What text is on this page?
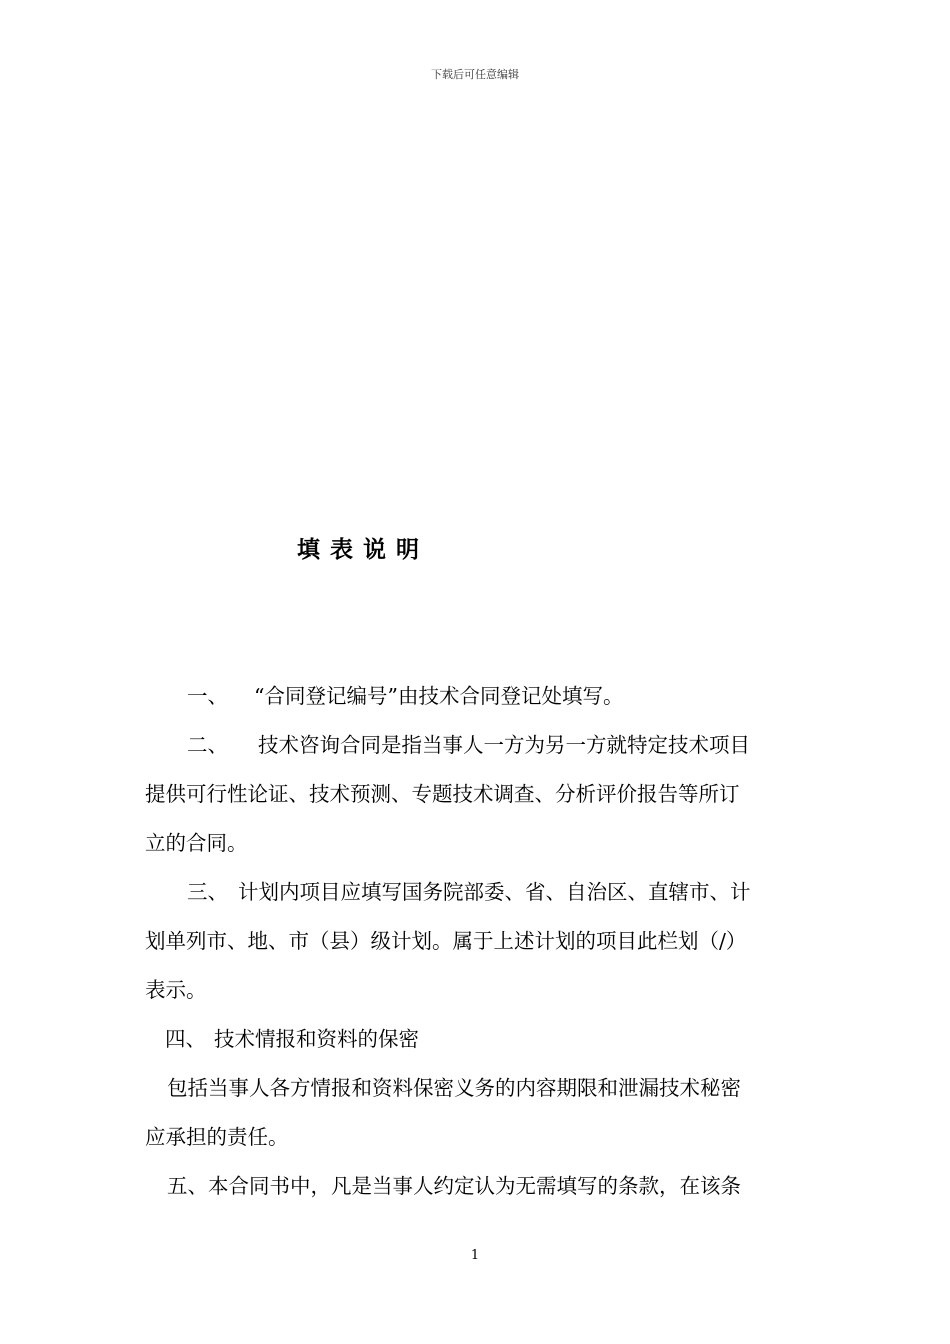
下载后可任意编辑
填表说明

一、 “合同登记编号”由技术合同登记处填写。

二、 技术咨询合同是指当事人一方为另一方就特定技术项目

提供可行性论证、技术预测、专题技术调查、分析评价报告等所订

立的合同。

三、 计划内项目应填写国务院部委、省、自治区、直辖市、计

划单列市、地、市（县）级计划。属于上述计划的项目此栏划（/）

表示。

四、 技术情报和资料的保密

包括当事人各方情报和资料保密义务的内容期限和泄漏技术秘密

应承担的责任。

五、本合同书中，凡是当事人约定认为无需填写的条款，在该条

1
